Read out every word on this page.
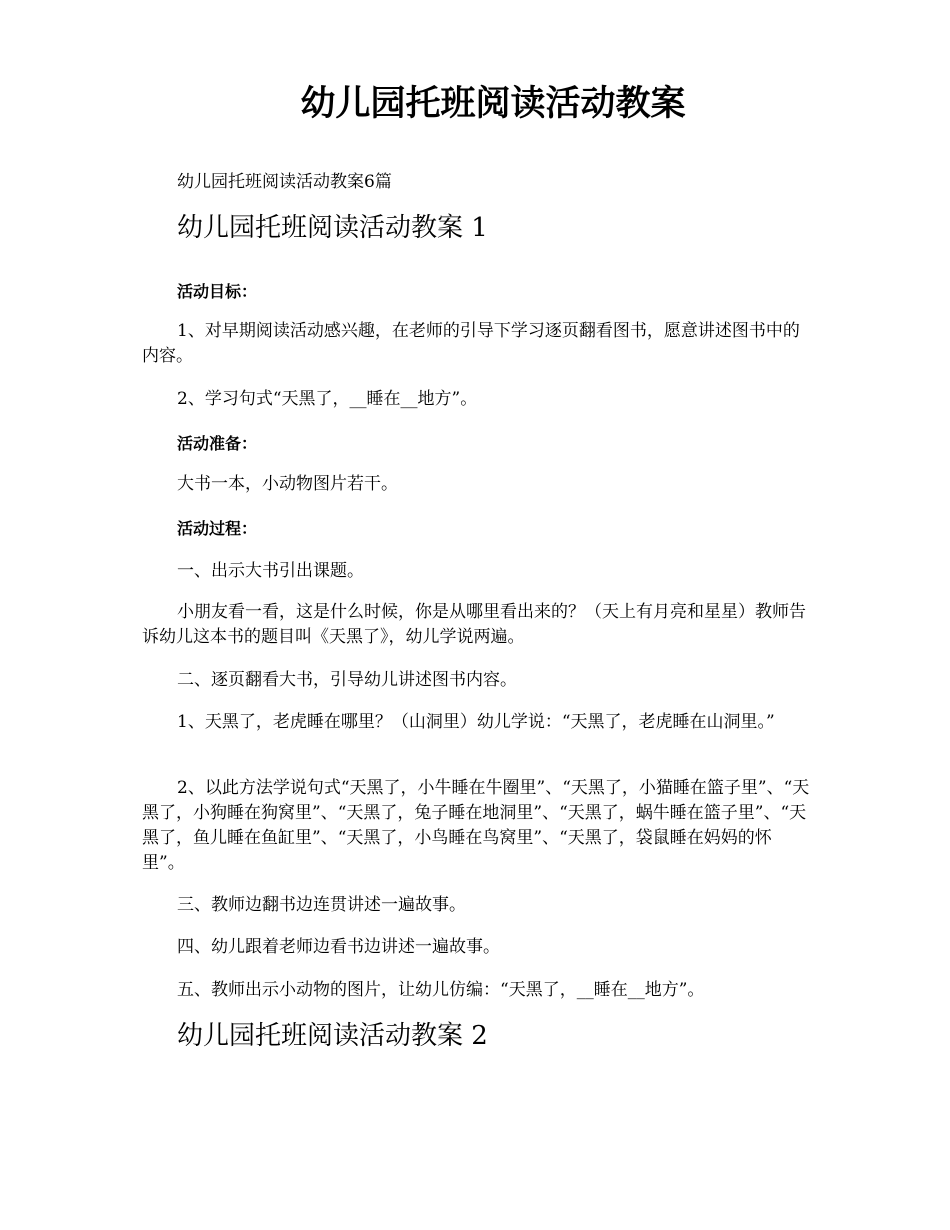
幼儿园托班阅读活动教案

幼儿园托班阅读活动教案6篇

幼儿园托班阅读活动教案 1

活动目标：

1、对早期阅读活动感兴趣，在老师的引导下学习逐页翻看图书，愿意讲述图书中的内容。

2、学习句式“天黑了，__睡在__地方”。

活动准备：

大书一本，小动物图片若干。

活动过程：

一、出示大书引出课题。

小朋友看一看，这是什么时候，你是从哪里看出来的？（天上有月亮和星星）教师告诉幼儿这本书的题目叫《天黑了》，幼儿学说两遍。

二、逐页翻看大书，引导幼儿讲述图书内容。

1、天黑了，老虎睡在哪里？（山洞里）幼儿学说：“天黑了，老虎睡在山洞里。”

2、以此方法学说句式“天黑了，小牛睡在牛圈里”、“天黑了，小猫睡在篮子里”、“天黑了，小狗睡在狗窝里”、“天黑了，兔子睡在地洞里”、“天黑了，蜗牛睡在篮子里”、“天黑了，鱼儿睡在鱼缸里”、“天黑了，小鸟睡在鸟窝里”、“天黑了，袋鼠睡在妈妈的怀里”。

三、教师边翻书边连贯讲述一遍故事。

四、幼儿跟着老师边看书边讲述一遍故事。

五、教师出示小动物的图片，让幼儿仿编：“天黑了，__睡在__地方”。

幼儿园托班阅读活动教案 2
